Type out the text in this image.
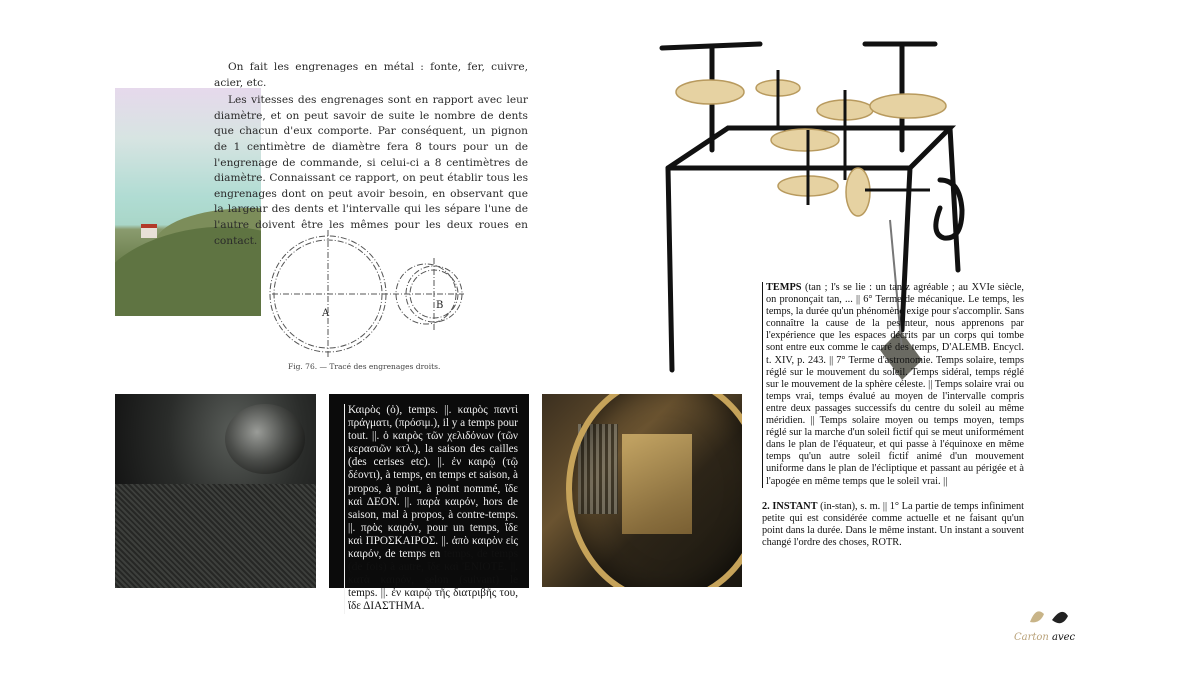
On fait les engrenages en métal : fonte, fer, cuivre, acier, etc.

Les vitesses des engrenages sont en rapport avec leur diamètre, et on peut savoir de suite le nombre de dents que chacun d'eux comporte. Par conséquent, un pignon de 1 centimètre de diamètre fera 8 tours pour un de l'engrenage de commande, si celui-ci a 8 centimètres de diamètre. Connaissant ce rapport, on peut établir tous les engrenages dont on peut avoir besoin, en observant que la largeur des dents et l'intervalle qui les sépare l'une de l'autre doivent être les mêmes pour les deux roues en contact.

A
B
Fig. 76. — Tracé des engrenages droits.
TEMPS (tan ; l's se lie : un tan-z agréable ; au XVIe siècle, on prononçait tan, ... || 6° Terme de mécanique. Le temps, les temps, la durée qu'un phénomène exige pour s'accomplir. Sans connaître la cause de la pesanteur, nous apprenons par l'expérience que les espaces décrits par un corps qui tombe sont entre eux comme le carré des temps, D'ALEMB. Encycl. t. XIV, p. 243. || 7° Terme d'astronomie. Temps solaire, temps réglé sur le mouvement du soleil. Temps sidéral, temps réglé sur le mouvement de la sphère céleste. || Temps solaire vrai ou temps vrai, temps évalué au moyen de l'intervalle compris entre deux passages successifs du centre du soleil au même méridien. || Temps solaire moyen ou temps moyen, temps réglé sur la marche d'un soleil fictif qui se meut uniformément dans le plan de l'équateur, et qui passe à l'équinoxe en même temps qu'un autre soleil fictif animé d'un mouvement uniforme dans le plan de l'écliptique et passant au périgée et à l'apogée en même temps que le soleil vrai. ||
2. INSTANT (in-stan), s. m. || 1° La partie de temps infiniment petite qui est considérée comme actuelle et ne faisant qu'un point dans la durée. Dans le même instant. Un instant a souvent changé l'ordre des choses, ROTR.
Καιρὸς (ὁ), temps. ||. καιρὸς παντὶ πράγματι, (πρόσιμ.), il y a temps pour tout. ||. ὁ καιρὸς τῶν χελιδόνων (τῶν κερασιῶν κτλ.), la saison des cailles (des cerises etc). ||. ἐν καιρῷ (τῷ δέοντι), à temps, en temps et saison, à propos, à point, à point nommé, ἴδε καὶ ΔΕΟΝ. ||. παρὰ καιρόν, hors de saison, mal à propos, à contre-temps. ||. πρὸς καιρόν, pour un temps, ἴδε καὶ ΠΡΟΣΚΑΙΡΟΣ. ||. ἀπὸ καιρὸν εἰς καιρόν, de temps en temps, de temps (de fois) à autre, ἴδε καὶ ἘΝΙΟΤΕ. ||. κατὰ καιρόν, selon (suivant) le temps. ||. ἐν καιρῷ τῆς διατριβῆς του, ἴδε ΔΙΑΣΤΗΜΑ.
Carton avec
